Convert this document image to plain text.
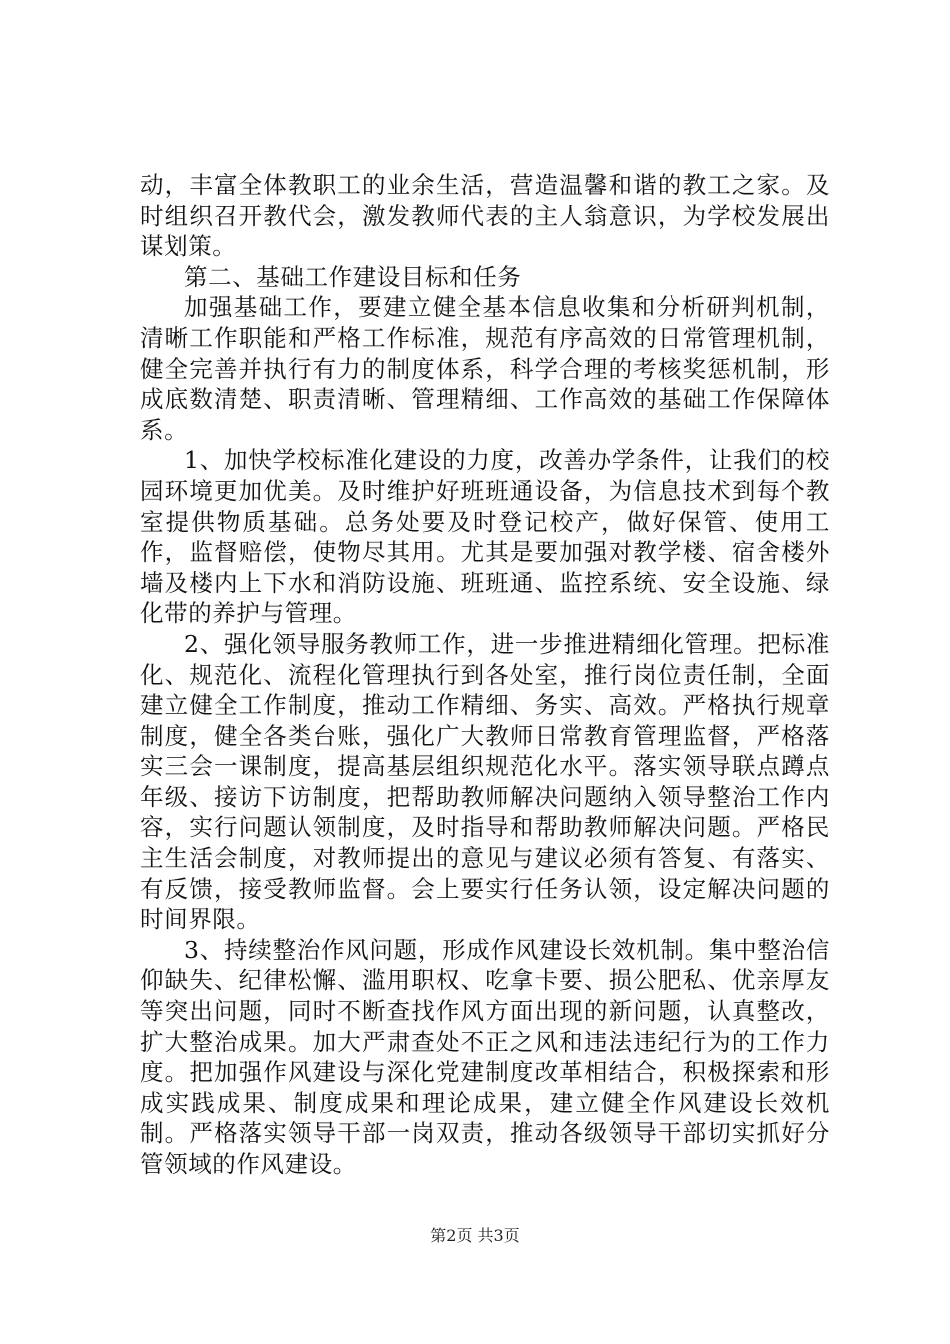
动，丰富全体教职工的业余生活，营造温馨和谐的教工之家。及时组织召开教代会，激发教师代表的主人翁意识，为学校发展出谋划策。

第二、基础工作建设目标和任务

加强基础工作，要建立健全基本信息收集和分析研判机制，清晰工作职能和严格工作标准，规范有序高效的日常管理机制，健全完善并执行有力的制度体系，科学合理的考核奖惩机制，形成底数清楚、职责清晰、管理精细、工作高效的基础工作保障体系。

1、加快学校标准化建设的力度，改善办学条件，让我们的校园环境更加优美。及时维护好班班通设备，为信息技术到每个教室提供物质基础。总务处要及时登记校产，做好保管、使用工作，监督赔偿，使物尽其用。尤其是要加强对教学楼、宿舍楼外墙及楼内上下水和消防设施、班班通、监控系统、安全设施、绿化带的养护与管理。

2、强化领导服务教师工作，进一步推进精细化管理。把标准化、规范化、流程化管理执行到各处室，推行岗位责任制，全面建立健全工作制度，推动工作精细、务实、高效。严格执行规章制度，健全各类台账，强化广大教师日常教育管理监督，严格落实三会一课制度，提高基层组织规范化水平。落实领导联点蹲点年级、接访下访制度，把帮助教师解决问题纳入领导整治工作内容，实行问题认领制度，及时指导和帮助教师解决问题。严格民主生活会制度，对教师提出的意见与建议必须有答复、有落实、有反馈，接受教师监督。会上要实行任务认领，设定解决问题的时间界限。

3、持续整治作风问题，形成作风建设长效机制。集中整治信仰缺失、纪律松懈、滥用职权、吃拿卡要、损公肥私、优亲厚友等突出问题，同时不断查找作风方面出现的新问题，认真整改，扩大整治成果。加大严肃查处不正之风和违法违纪行为的工作力度。把加强作风建设与深化党建制度改革相结合，积极探索和形成实践成果、制度成果和理论成果，建立健全作风建设长效机制。严格落实领导干部一岗双责，推动各级领导干部切实抓好分管领域的作风建设。

第2页 共3页
